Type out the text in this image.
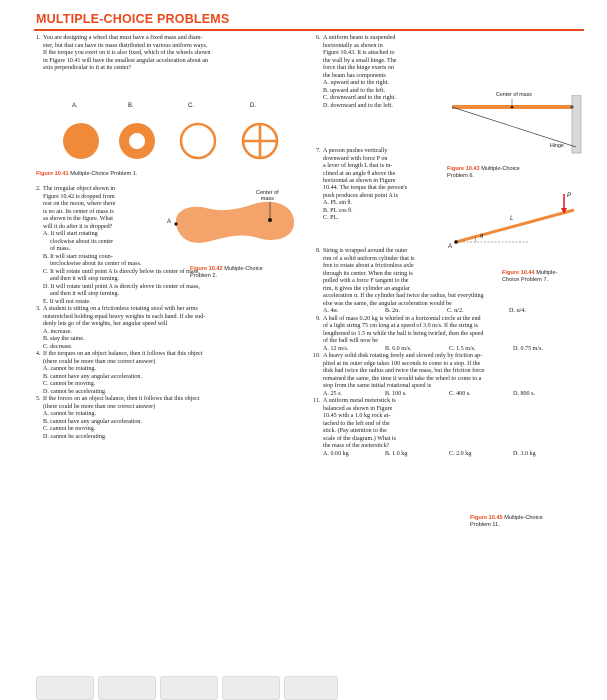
MULTIPLE-CHOICE PROBLEMS
1. You are designing a wheel that must have a fixed mass and diam-
eter, but that can have its mass distributed in various uniform ways.
If the torque you exert on it is also fixed, which of the wheels shown
in Figure 10.41 will have the smallest angular acceleration about an
axis perpendicular to it at its center?
A.	B.	C.	D.
Figure 10.41 Multiple-Choice Problem 1.
2. The irregular object shown in
Figure 10.42 is dropped from
rest on the moon, where there
is no air. Its center of mass is
as shown in the figure. What
will it do after it is dropped?
Center of
mass
A
Figure 10.42 Multiple-Choice
Problem 2.
A. It will start rotating
clockwise about its center
of mass.
B. It will start rotating coun-
terclockwise about its center of mass.
C. It will rotate until point A is directly below its center of mass,
and then it will stop turning.
D. It will rotate until point A is directly above its center of mass,
and then it will stop turning.
E. It will not rotate.
3. A student is sitting on a frictionless rotating stool with her arms
outstretched holding equal heavy weights in each hand. If she sud-
denly lets go of the weights, her angular speed will
A. increase.
B. stay the same.
C. decrease.
4. If the torques on an object balance, then it follows that this object
(there could be more than one correct answer)
A. cannot be rotating.
B. cannot have any angular acceleration.
C. cannot be moving.
D. cannot be accelerating.
5. If the forces on an object balance, then it follows that this object
(there could be more than one correct answer)
A. cannot be rotating.
B. cannot have any angular acceleration.
C. cannot be moving.
D. cannot be accelerating.
6. A uniform beam is suspended
horizontally as shown in
Figure 10.43. It is attached to
the wall by a small hinge. The
force that the hinge exerts on
the beam has components
A. upward and to the right.
B. upward and to the left.
C. downward and to the right.
D. downward and to the left.
Center of mass
Hinge
7. A person pushes vertically
downward with force P on
a lever of length L that is in-
clined at an angle θ above the
horizontal as shown in Figure
Figure 10.43 Multiple-Choice
Problem 6.
10.44. The torque that the person's
push produces about point A is
A. PL sin θ.
B. PL cos θ.
C. PL.
P
L
θ
A
Figure 10.44 Multiple-
Choice Problem 7.
8. String is wrapped around the outer
rim of a solid uniform cylinder that is
free to rotate about a frictionless axle
through its center. When the string is
pulled with a force F tangent to the
rim, it gives the cylinder an angular
acceleration α. If the cylinder had twice the radius, but everything
else was the same, the angular acceleration would be
A. 4α.	B. 2α.	C. α/2.	D. α/4.
9. A ball of mass 0.20 kg is whirled in a horizontal circle at the end
of a light string 75 cm long at a speed of 3.0 m/s. If the string is
lengthened to 1.5 m while the ball is being twirled, then the speed
of the ball will now be
A. 12 m/s.	B. 6.0 m/s.	C. 1.5 m/s.	D. 0.75 m/s.
10. A heavy solid disk rotating freely and slowed only by friction ap-
plied at its outer edge takes 100 seconds to come to a stop. If the
disk had twice the radius and twice the mass, but the friction force
remained the same, the time it would take the wheel to come to a
stop from the same initial rotational speed is
A. 25 s.	B. 100 s.	C. 400 s.	D. 800 s.
11. A uniform metal meterstick is
balanced as shown in Figure
10.45 with a 1.0 kg rock at-
tached to the left end of the
stick. (Pay attention to the
scale of the diagram.) What is
the mass of the meterstick?
A. 0.60 kg	B. 1.0 kg	C. 2.0 kg	D. 3.0 kg
Figure 10.45 Multiple-Choice
Problem 11.
